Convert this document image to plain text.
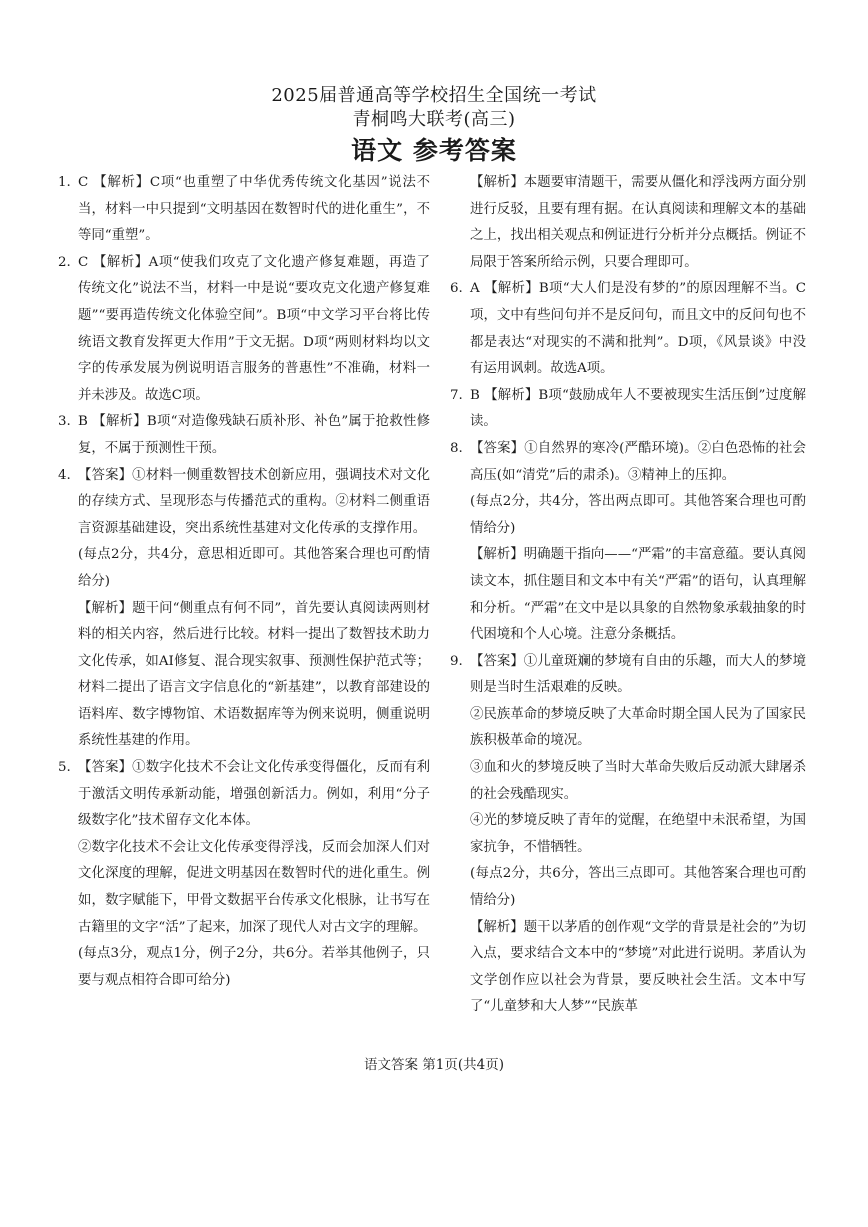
2025届普通高等学校招生全国统一考试
青桐鸣大联考(高三)
语文 参考答案
1. C 【解析】C项“也重塑了中华优秀传统文化基因”说法不当，材料一中只提到“文明基因在数智时代的进化重生”，不等同“重塑”。
2. C 【解析】A项“使我们攻克了文化遗产修复难题，再造了传统文化”说法不当，材料一中是说“要攻克文化遗产修复难题”“要再造传统文化体验空间”。B项“中文学习平台将比传统语文教育发挥更大作用”于文无据。D项“两则材料均以文字的传承发展为例说明语言服务的普惠性”不准确，材料一并未涉及。故选C项。
3. B 【解析】B项“对造像残缺石质补形、补色”属于抢救性修复，不属于预测性干预。
4. 【答案】①材料一侧重数智技术创新应用，强调技术对文化的存续方式、呈现形态与传播范式的重构。②材料二侧重语言资源基础建设，突出系统性基建对文化传承的支撑作用。

(每点2分，共4分，意思相近即可。其他答案合理也可酌情给分)

【解析】题干问“侧重点有何不同”，首先要认真阅读两则材料的相关内容，然后进行比较。材料一提出了数智技术助力文化传承，如AI修复、混合现实叙事、预测性保护范式等；材料二提出了语言文字信息化的“新基建”，以教育部建设的语料库、数字博物馆、术语数据库等为例来说明，侧重说明系统性基建的作用。

5. 【答案】①数字化技术不会让文化传承变得僵化，反而有利于激活文明传承新动能，增强创新活力。例如，利用“分子级数字化”技术留存文化本体。

②数字化技术不会让文化传承变得浮浅，反而会加深人们对文化深度的理解，促进文明基因在数智时代的进化重生。例如，数字赋能下，甲骨文数据平台传承文化根脉，让书写在古籍里的文字“活”了起来，加深了现代人对古文字的理解。

(每点3分，观点1分，例子2分，共6分。若举其他例子，只要与观点相符合即可给分)

【解析】本题要审清题干，需要从僵化和浮浅两方面分别进行反驳，且要有理有据。在认真阅读和理解文本的基础之上，找出相关观点和例证进行分析并分点概括。例证不局限于答案所给示例，只要合理即可。

6. A 【解析】B项“大人们是没有梦的”的原因理解不当。C项，文中有些问句并不是反问句，而且文中的反问句也不都是表达“对现实的不满和批判”。D项，《风景谈》中没有运用讽刺。故选A项。
7. B 【解析】B项“鼓励成年人不要被现实生活压倒”过度解读。
8. 【答案】①自然界的寒冷(严酷环境)。②白色恐怖的社会高压(如“清党”后的肃杀)。③精神上的压抑。

(每点2分，共4分，答出两点即可。其他答案合理也可酌情给分)

【解析】明确题干指向——“严霜”的丰富意蕴。要认真阅读文本，抓住题目和文本中有关“严霜”的语句，认真理解和分析。“严霜”在文中是以具象的自然物象承载抽象的时代困境和个人心境。注意分条概括。

9. 【答案】①儿童斑斓的梦境有自由的乐趣，而大人的梦境则是当时生活艰难的反映。

②民族革命的梦境反映了大革命时期全国人民为了国家民族积极革命的境况。

③血和火的梦境反映了当时大革命失败后反动派大肆屠杀的社会残酷现实。

④光的梦境反映了青年的觉醒，在绝望中未泯希望，为国家抗争，不惜牺牲。

(每点2分，共6分，答出三点即可。其他答案合理也可酌情给分)

【解析】题干以茅盾的创作观“文学的背景是社会的”为切入点，要求结合文本中的“梦境”对此进行说明。茅盾认为文学创作应以社会为背景，要反映社会生活。文本中写了“儿童梦和大人梦”“民族革

语文答案 第1页(共4页)
